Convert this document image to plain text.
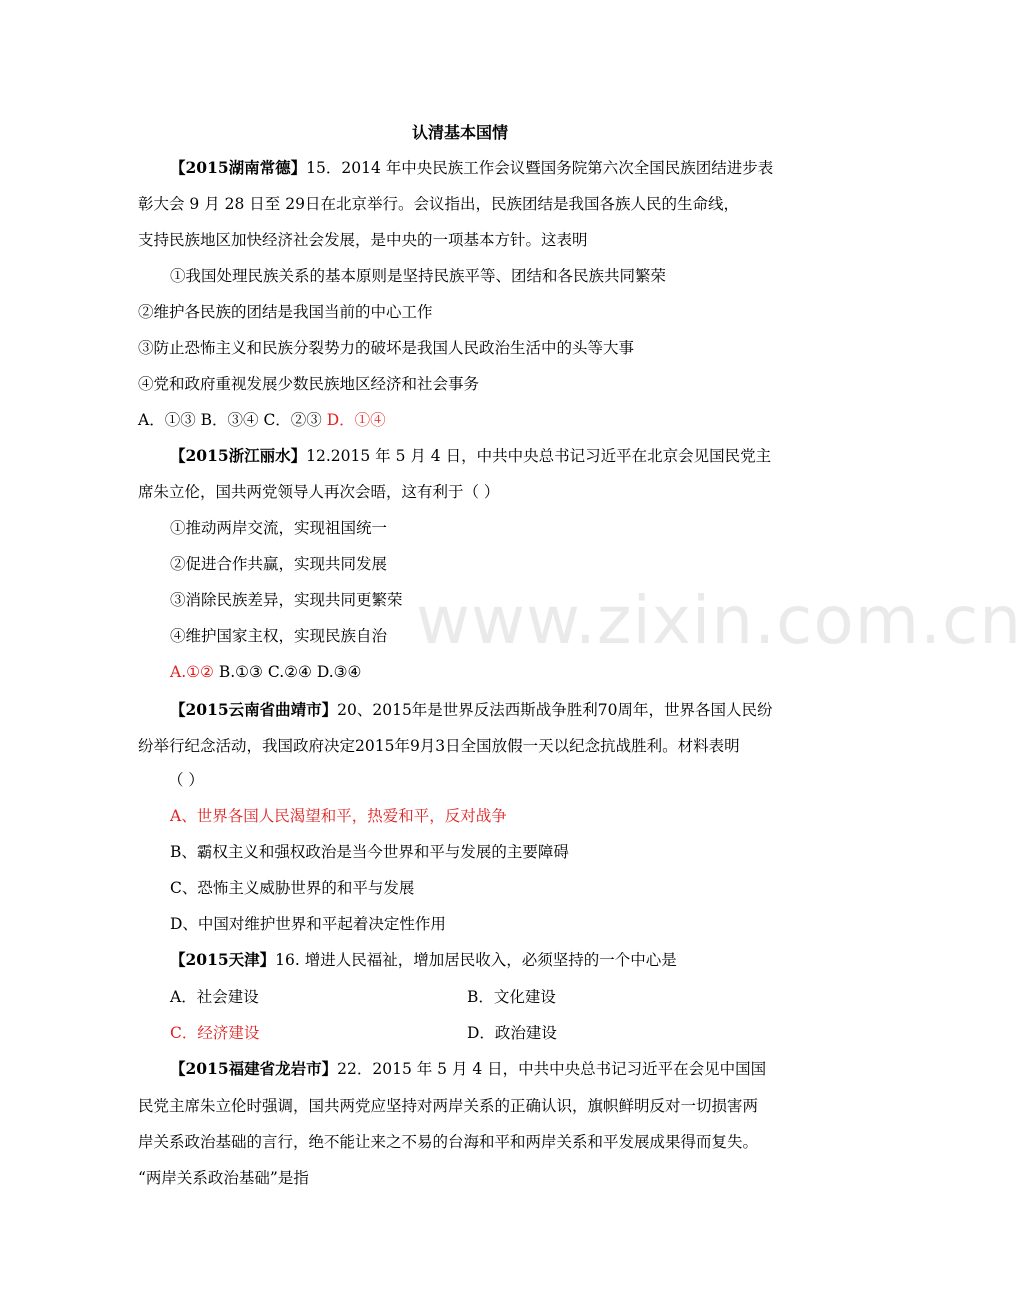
www.zixin.com.cn
认清基本国情
【2015湖南常德】15．2014 年中央民族工作会议暨国务院第六次全国民族团结进步表
彰大会 9 月 28 日至 29日在北京举行。会议指出，民族团结是我国各族人民的生命线，
支持民族地区加快经济社会发展，是中央的一项基本方针。这表明
①我国处理民族关系的基本原则是坚持民族平等、团结和各民族共同繁荣
②维护各民族的团结是我国当前的中心工作
③防止恐怖主义和民族分裂势力的破坏是我国人民政治生活中的头等大事
④党和政府重视发展少数民族地区经济和社会事务
A．①③ B．③④ C．②③ D．①④
【2015浙江丽水】12.2015 年 5 月 4 日，中共中央总书记习近平在北京会见国民党主
席朱立伦，国共两党领导人再次会晤，这有利于（ ）
①推动两岸交流，实现祖国统一
②促进合作共赢，实现共同发展
③消除民族差异，实现共同更繁荣
④维护国家主权，实现民族自治
A.①② B.①③ C.②④ D.③④
【2015云南省曲靖市】20、2015年是世界反法西斯战争胜利70周年，世界各国人民纷
纷举行纪念活动，我国政府决定2015年9月3日全国放假一天以纪念抗战胜利。材料表明
（ ）
A、世界各国人民渴望和平，热爱和平，反对战争
B、霸权主义和强权政治是当今世界和平与发展的主要障碍
C、恐怖主义威胁世界的和平与发展
D、中国对维护世界和平起着决定性作用
【2015天津】16. 增进人民福祉，增加居民收入，必须坚持的一个中心是
A．社会建设	B．文化建设
C．经济建设	D．政治建设
【2015福建省龙岩市】22．2015 年 5 月 4 日，中共中央总书记习近平在会见中国国
民党主席朱立伦时强调，国共两党应坚持对两岸关系的正确认识，旗帜鲜明反对一切损害两
岸关系政治基础的言行，绝不能让来之不易的台海和平和两岸关系和平发展成果得而复失。
“两岸关系政治基础”是指
